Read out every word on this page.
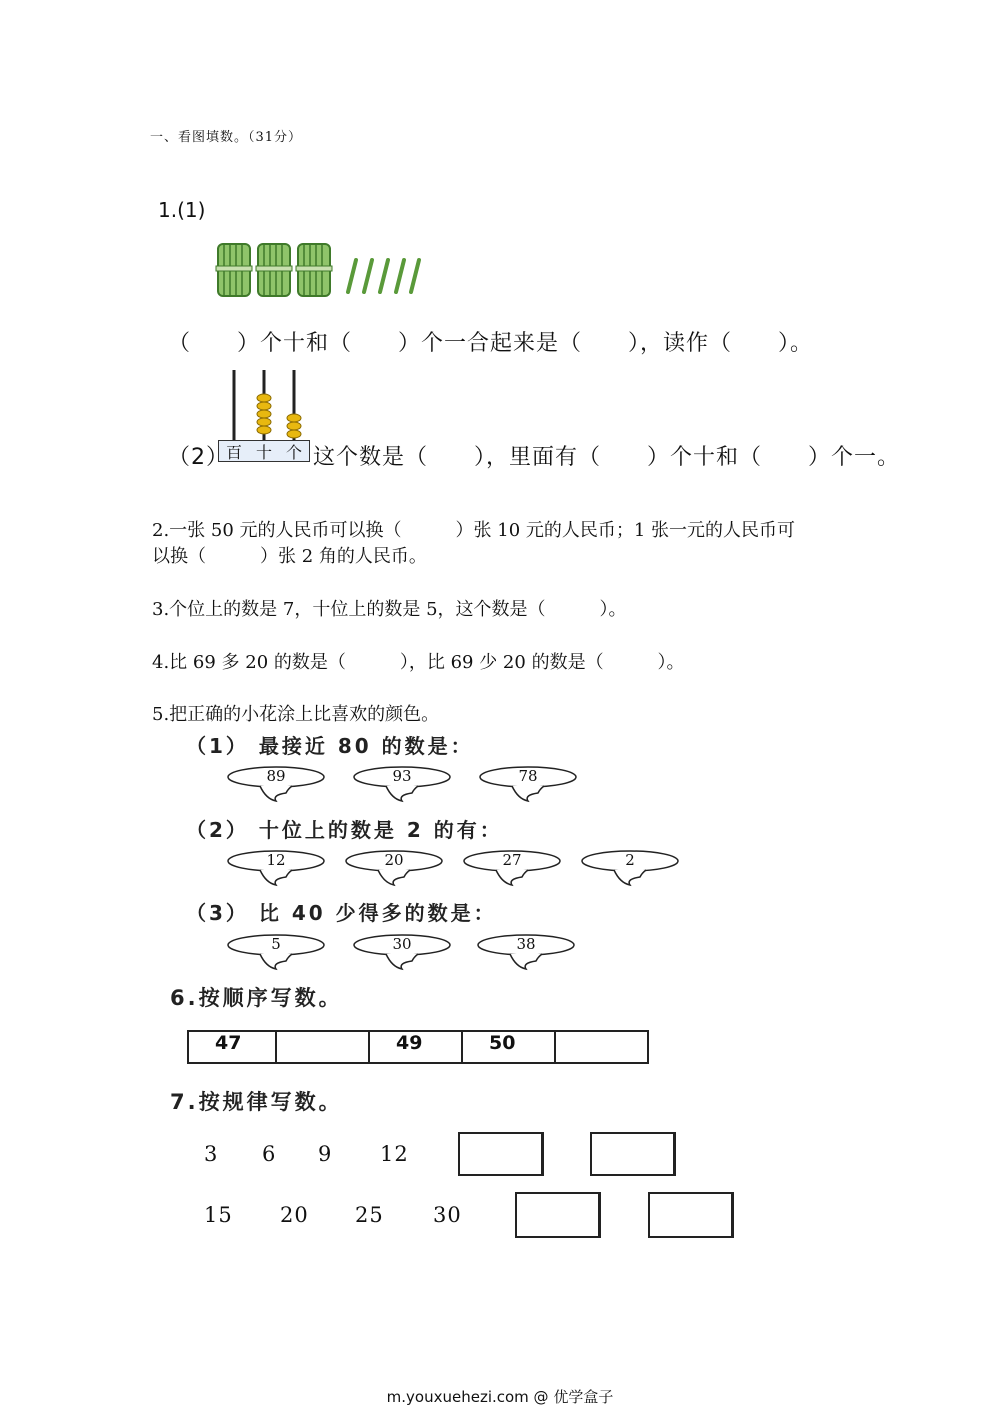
一、看图填数。（31分）
1.(1)
（　　）个十和（　　）个一合起来是（　　），读作（　　）。
百 十 个
（2）	这个数是（　　），里面有（　　）个十和（　　）个一。
2.一张 50 元的人民币可以换（　　　）张 10 元的人民币；1 张一元的人民币可
以换（　　　）张 2 角的人民币。
3.个位上的数是 7，十位上的数是 5，这个数是（　　　）。
4.比 69 多 20 的数是（　　　），比 69 少 20 的数是（　　　）。
5.把正确的小花涂上比喜欢的颜色。
（1） 最接近 80 的数是：
（2） 十位上的数是 2 的有：
（3） 比 40 少得多的数是：
89	93	78
12	20	27	2
5	30	38
6.按顺序写数。
47		49	50	
7.按规律写数。
3 6 9 12
15 20 25 30
m.youxuehezi.com @ 优学盒子
